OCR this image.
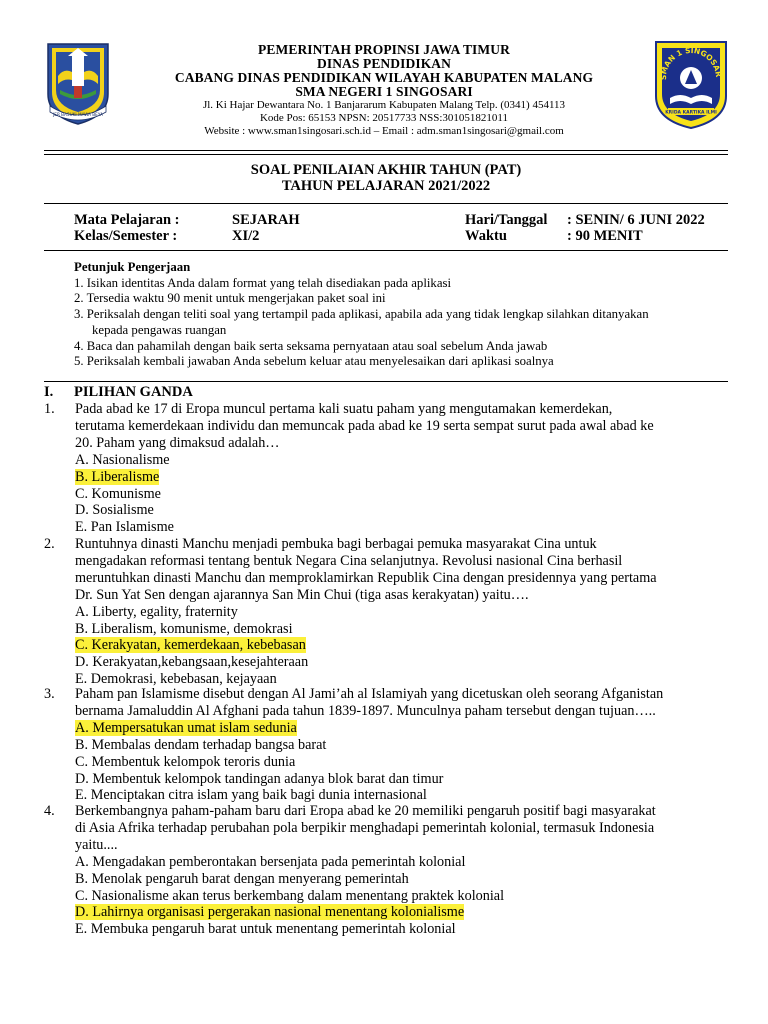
JER BASUKI MAWA BEYA
PEMERINTAH PROPINSI JAWA TIMUR
DINAS PENDIDIKAN
CABANG DINAS PENDIDIKAN WILAYAH KABUPATEN MALANG
SMA NEGERI 1 SINGOSARI
Jl. Ki Hajar Dewantara No. 1 Banjararum Kabupaten Malang Telp. (0341) 454113
Kode Pos: 65153 NPSN: 20517733 NSS:301051821011
Website : www.sman1singosari.sch.id – Email : adm.sman1singosari@gmail.com
SMAN 1 SINGOSAR
KRIDA KARTIKA ILMI
SOAL PENILAIAN AKHIR TAHUN (PAT)
TAHUN PELAJARAN 2021/2022
Mata Pelajaran :	SEJARAH	Hari/Tanggal : SENIN/ 6 JUNI 2022
Kelas/Semester :	XI/2	Waktu	: 90 MENIT
Petunjuk Pengerjaan
1. Isikan identitas Anda dalam format yang telah disediakan pada aplikasi
2. Tersedia waktu 90 menit untuk mengerjakan paket soal ini
3. Periksalah dengan teliti soal yang tertampil pada aplikasi, apabila ada yang tidak lengkap silahkan ditanyakan
kepada pengawas ruangan
4. Baca dan pahamilah dengan baik serta seksama pernyataan atau soal sebelum Anda jawab
5. Periksalah kembali jawaban Anda sebelum keluar atau menyelesaikan dari aplikasi soalnya
I. PILIHAN GANDA
1. Pada abad ke 17 di Eropa muncul pertama kali suatu paham yang mengutamakan kemerdekan,
terutama kemerdekaan individu dan memuncak pada abad ke 19 serta sempat surut pada awal abad ke
20. Paham yang dimaksud adalah…
A. Nasionalisme
B. Liberalisme
C. Komunisme
D. Sosialisme
E. Pan Islamisme
2. Runtuhnya dinasti Manchu menjadi pembuka bagi berbagai pemuka masyarakat Cina untuk
mengadakan reformasi tentang bentuk Negara Cina selanjutnya. Revolusi nasional Cina berhasil
meruntuhkan dinasti Manchu dan memproklamirkan Republik Cina dengan presidennya yang pertama
Dr. Sun Yat Sen dengan ajarannya San Min Chui (tiga asas kerakyatan) yaitu….
A. Liberty, egality, fraternity
B. Liberalism, komunisme, demokrasi
C. Kerakyatan, kemerdekaan, kebebasan
D. Kerakyatan,kebangsaan,kesejahteraan
E. Demokrasi, kebebasan, kejayaan
3. Paham pan Islamisme disebut dengan Al Jami’ah al Islamiyah yang dicetuskan oleh seorang Afganistan
bernama Jamaluddin Al Afghani pada tahun 1839-1897. Munculnya paham tersebut dengan tujuan…..
A. Mempersatukan umat islam sedunia
B. Membalas dendam terhadap bangsa barat
C. Membentuk kelompok teroris dunia
D. Membentuk kelompok tandingan adanya blok barat dan timur
E. Menciptakan citra islam yang baik bagi dunia internasional
4. Berkembangnya paham-paham baru dari Eropa abad ke 20 memiliki pengaruh positif bagi masyarakat
di Asia Afrika terhadap perubahan pola berpikir menghadapi pemerintah kolonial, termasuk Indonesia
yaitu....
A. Mengadakan pemberontakan bersenjata pada pemerintah kolonial
B. Menolak pengaruh barat dengan menyerang pemerintah
C. Nasionalisme akan terus berkembang dalam menentang praktek kolonial
D. Lahirnya organisasi pergerakan nasional menentang kolonialisme
E. Membuka pengaruh barat untuk menentang pemerintah kolonial
